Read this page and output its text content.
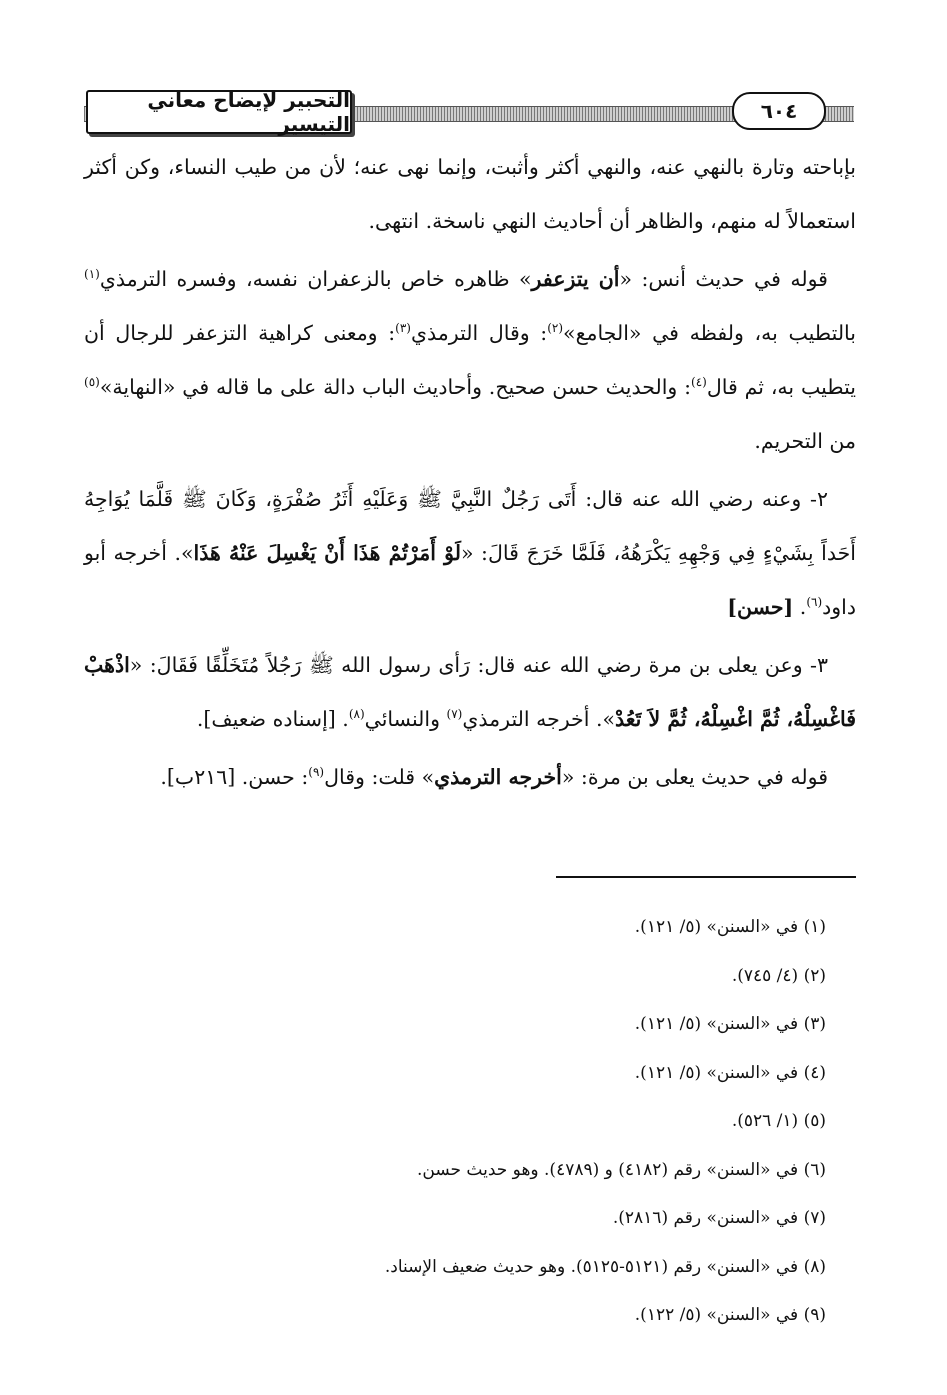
التحبير لإيضاح معاني التيسير
٦٠٤

بإباحته وتارة بالنهي عنه، والنهي أكثر وأثبت، وإنما نهى عنه؛ لأن من طيب النساء، وكن أكثر استعمالاً له منهم، والظاهر أن أحاديث النهي ناسخة. انتهى.

قوله في حديث أنس: «أن يتزعفر» ظاهره خاص بالزعفران نفسه، وفسره الترمذي$^{(١)}$ بالتطيب به، ولفظه في «الجامع»$^{(٢)}$: وقال الترمذي$^{(٣)}$: ومعنى كراهية التزعفر للرجال أن يتطيب به، ثم قال$^{(٤)}$: والحديث حسن صحيح. وأحاديث الباب دالة على ما قاله في «النهاية»$^{(٥)}$ من التحريم.

٢- وعنه رضي الله عنه قال: أَتَى رَجُلٌ النَّبِيَّ ﷺ وَعَلَيْهِ أَثَرُ صُفْرَةٍ، وَكَانَ ﷺ قَلَّمَا يُوَاجِهُ أَحَداً بِشَيْءٍ فِي وَجْهِهِ يَكْرَهُهُ، فَلَمَّا خَرَجَ قَالَ: «لَوْ أَمَرْتُمْ هَذَا أَنْ يَغْسِلَ عَنْهُ هَذَا». أخرجه أبو داود$^{(٦)}$. [حسن]

٣- وعن يعلى بن مرة رضي الله عنه قال: رَأى رسول الله ﷺ رَجُلاً مُتَخَلِّقًا فَقَالَ: «اذْهَبْ فَاغْسِلْهُ، ثُمَّ اغْسِلْهُ، ثُمَّ لاَ تَعُدْ». أخرجه الترمذي$^{(٧)}$ والنسائي$^{(٨)}$. [إسناده ضعيف].

قوله في حديث يعلى بن مرة: «أخرجه الترمذي» قلت: وقال$^{(٩)}$: حسن. [٢١٦ب].

(١) في «السنن» (٥/ ١٢١).
(٢) (٤/ ٧٤٥).
(٣) في «السنن» (٥/ ١٢١).
(٤) في «السنن» (٥/ ١٢١).
(٥) (١/ ٥٢٦).
(٦) في «السنن» رقم (٤١٨٢) و (٤٧٨٩). وهو حديث حسن.
(٧) في «السنن» رقم (٢٨١٦).
(٨) في «السنن» رقم (٥١٢١-٥١٢٥). وهو حديث ضعيف الإسناد.
(٩) في «السنن» (٥/ ١٢٢).
